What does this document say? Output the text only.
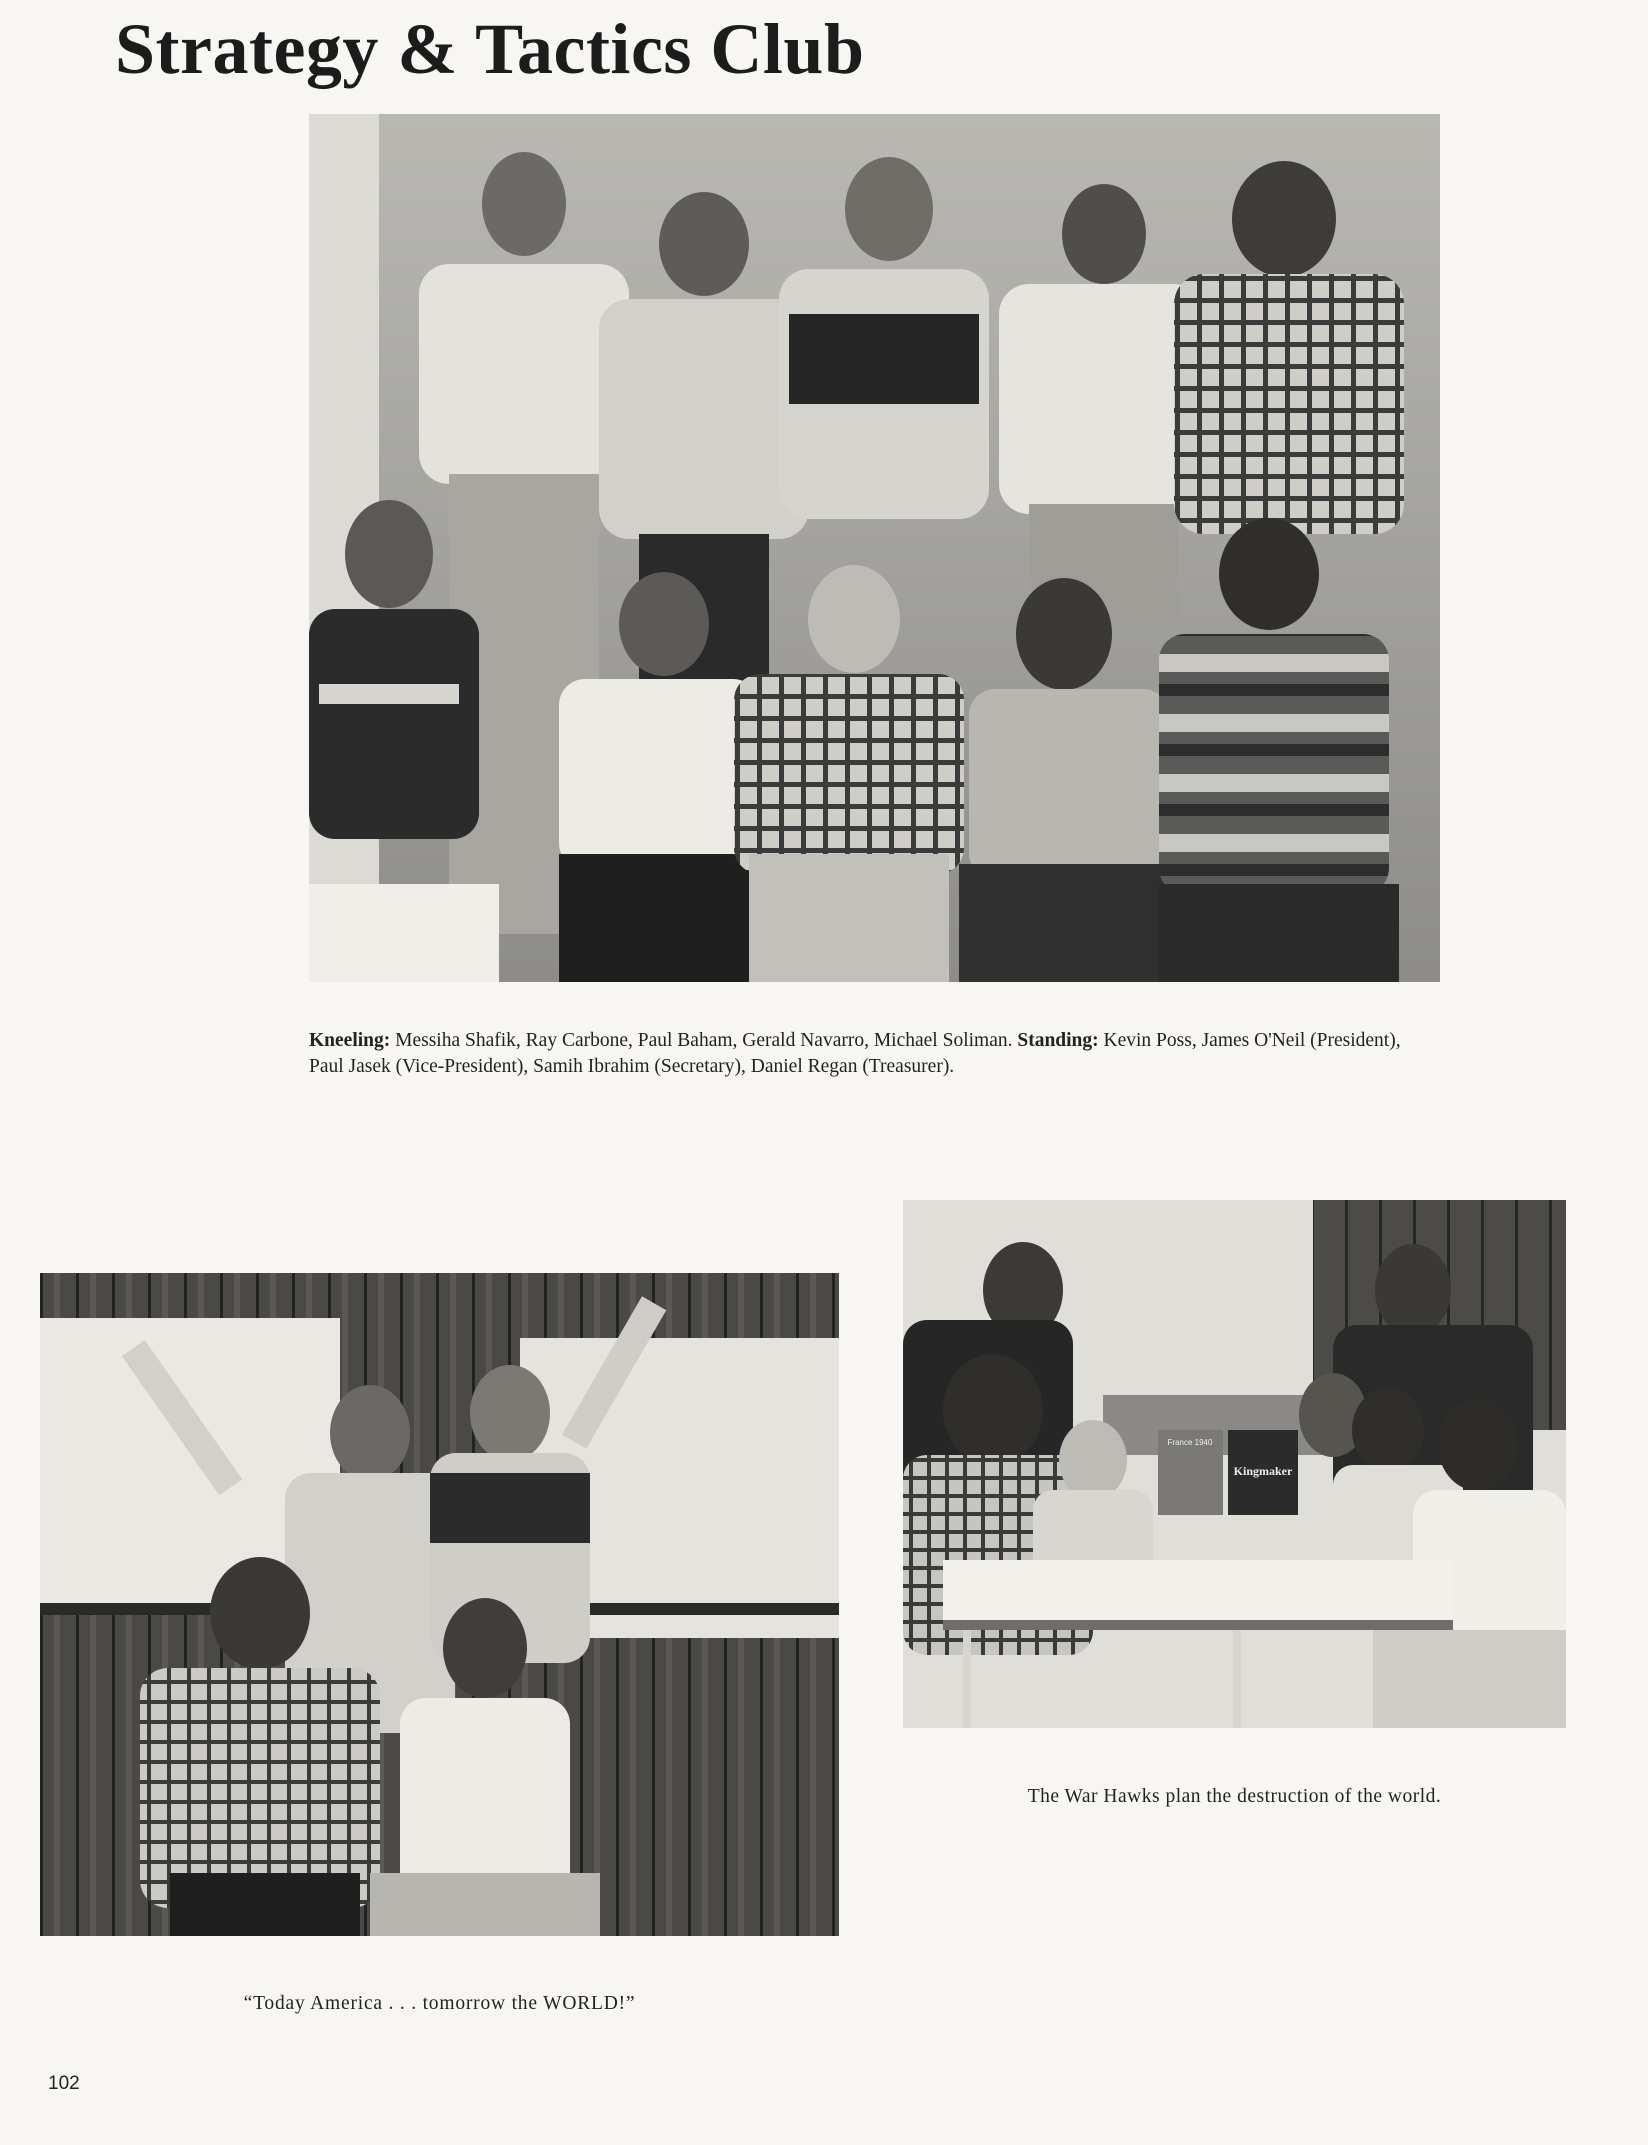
Strategy & Tactics Club

Kneeling: Messiha Shafik, Ray Carbone, Paul Baham, Gerald Navarro, Michael Soliman. Standing: Kevin Poss, James O'Neil (President), Paul Jasek (Vice-President), Samih Ibrahim (Secretary), Daniel Regan (Treasurer).

“Today America . . . tomorrow the WORLD!”

France 1940
Kingmaker

The War Hawks plan the destruction of the world.

102
